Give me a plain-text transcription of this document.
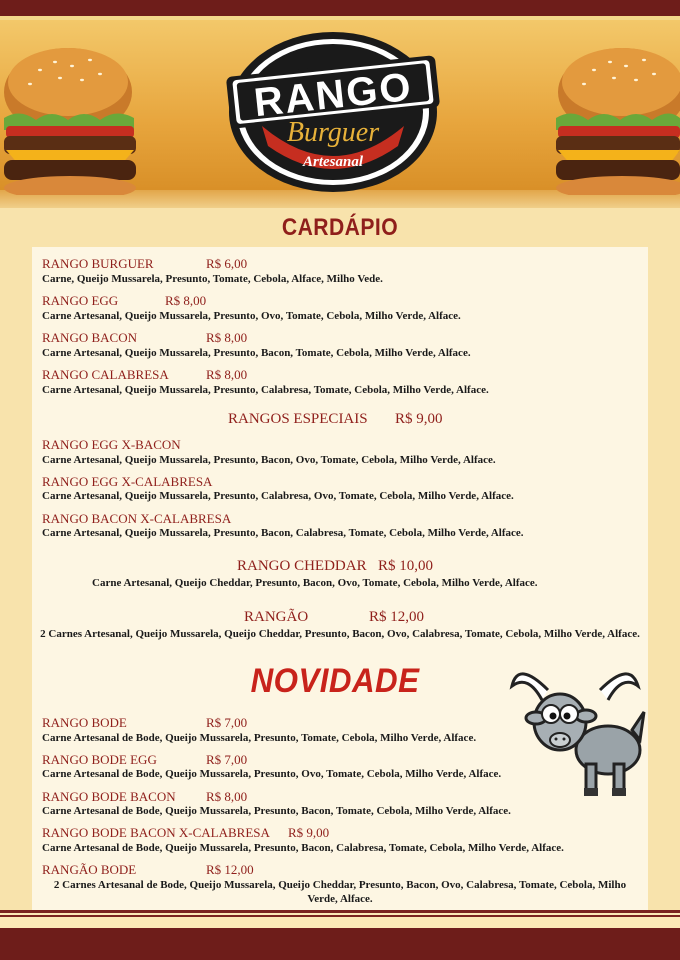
RANGO
Burguer
Artesanal
CARDÁPIO
RANGO BURGUER	R$ 6,00
Carne, Queijo Mussarela, Presunto, Tomate, Cebola, Alface, Milho Vede.
RANGO EGG	R$ 8,00
Carne Artesanal, Queijo Mussarela, Presunto, Ovo, Tomate, Cebola, Milho Verde, Alface.
RANGO BACON	R$ 8,00
Carne Artesanal, Queijo Mussarela, Presunto, Bacon, Tomate, Cebola, Milho Verde, Alface.
RANGO CALABRESA	R$ 8,00
Carne Artesanal, Queijo Mussarela, Presunto, Calabresa, Tomate, Cebola, Milho Verde, Alface.
RANGOS ESPECIAIS R$ 9,00
RANGO EGG X-BACON
Carne Artesanal, Queijo Mussarela, Presunto, Bacon, Ovo, Tomate, Cebola, Milho Verde, Alface.
RANGO EGG X-CALABRESA
Carne Artesanal, Queijo Mussarela, Presunto, Calabresa, Ovo, Tomate, Cebola, Milho Verde, Alface.
RANGO BACON X-CALABRESA
Carne Artesanal, Queijo Mussarela, Presunto, Bacon, Calabresa, Tomate, Cebola, Milho Verde, Alface.
RANGO CHEDDAR R$ 10,00
Carne Artesanal, Queijo Cheddar, Presunto, Bacon, Ovo, Tomate, Cebola, Milho Verde, Alface.
RANGÃO	R$ 12,00
2 Carnes Artesanal, Queijo Mussarela, Queijo Cheddar, Presunto, Bacon, Ovo, Calabresa, Tomate, Cebola, Milho Verde, Alface.
NOVIDADE
RANGO BODE	R$ 7,00
Carne Artesanal de Bode, Queijo Mussarela, Presunto, Tomate, Cebola, Milho Verde, Alface.
RANGO BODE EGG	R$ 7,00
Carne Artesanal de Bode, Queijo Mussarela, Presunto, Ovo, Tomate, Cebola, Milho Verde, Alface.
RANGO BODE BACON R$ 8,00
Carne Artesanal de Bode, Queijo Mussarela, Presunto, Bacon, Tomate, Cebola, Milho Verde, Alface.
RANGO BODE BACON X-CALABRESA R$ 9,00
Carne Artesanal de Bode, Queijo Mussarela, Presunto, Bacon, Calabresa, Tomate, Cebola, Milho Verde, Alface.
RANGÃO BODE	R$ 12,00
2 Carnes Artesanal de Bode, Queijo Mussarela, Queijo Cheddar, Presunto, Bacon, Ovo, Calabresa, Tomate, Cebola, Milho Verde, Alface.
